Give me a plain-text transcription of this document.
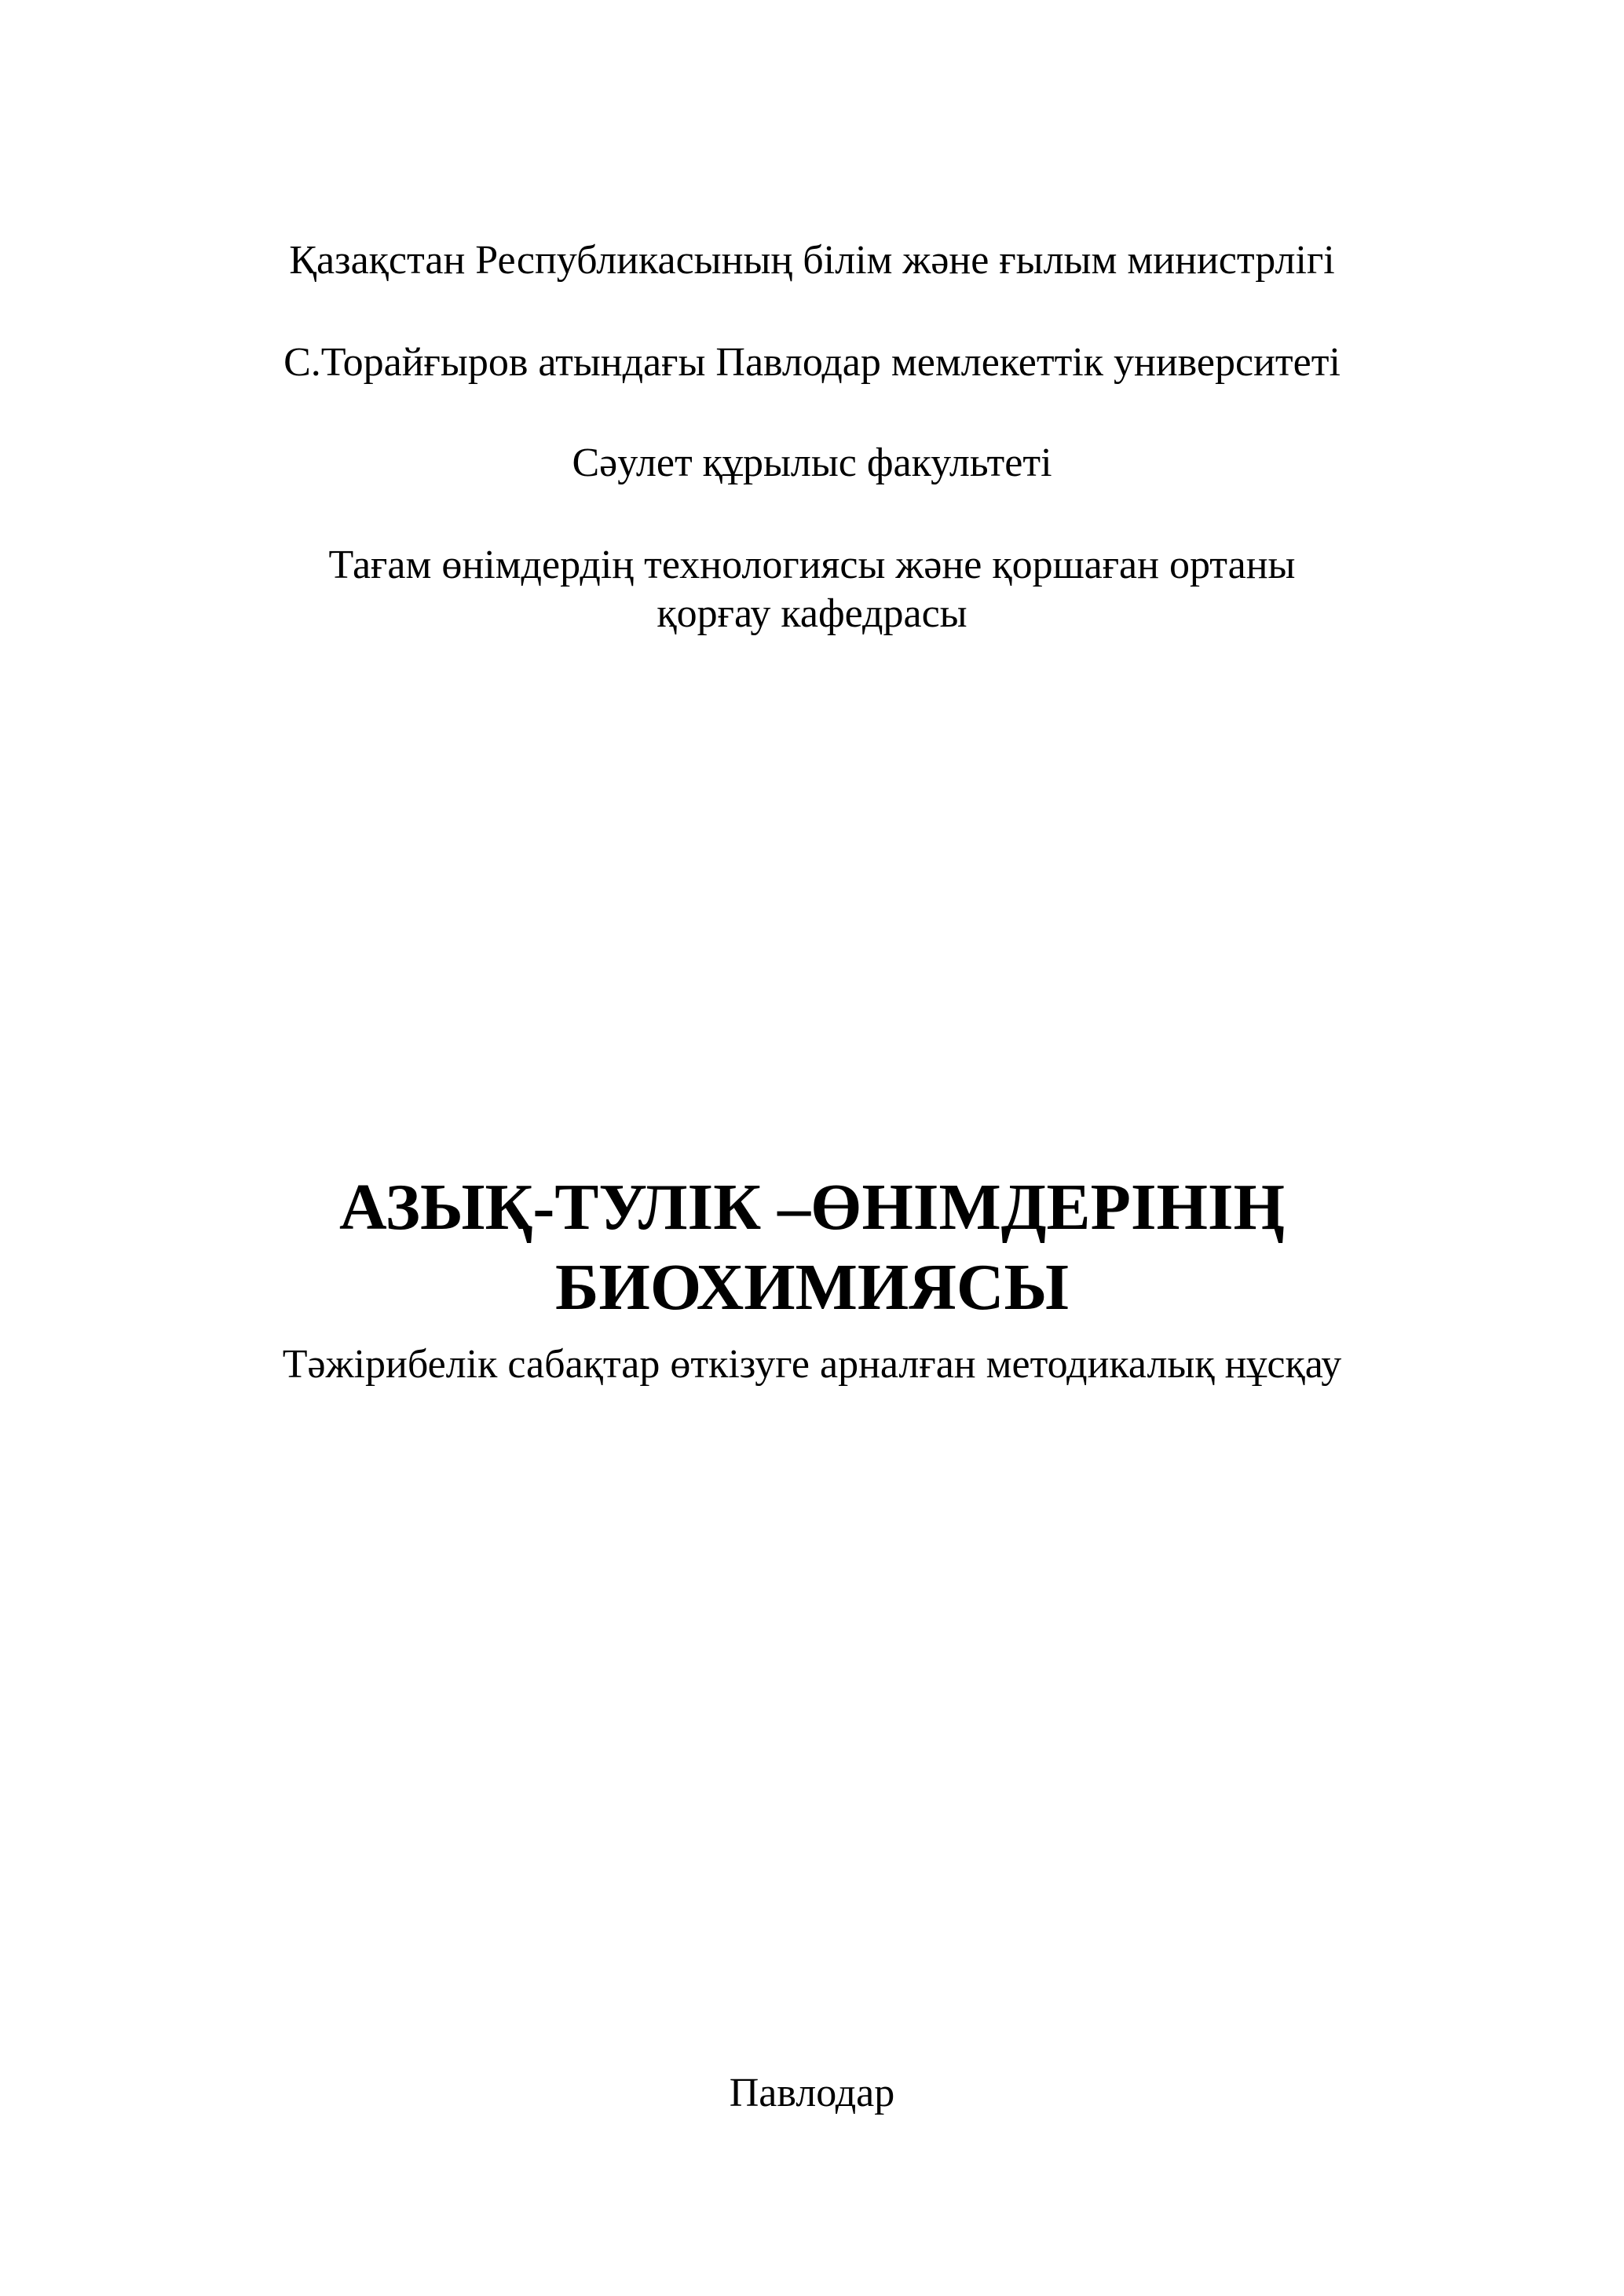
Қазақстан Республикасының білім және ғылым министрлігі
С.Торайғыров атындағы Павлодар мемлекеттік университеті
Сәулет құрылыс факультеті
Тағам өнімдердің технологиясы және қоршаған ортаны
қорғау кафедрасы
АЗЫҚ-ТУЛІК –ӨНІМДЕРІНІҢ
БИОХИМИЯСЫ
Тәжірибелік сабақтар өткізуге арналған методикалық нұсқау
Павлодар
